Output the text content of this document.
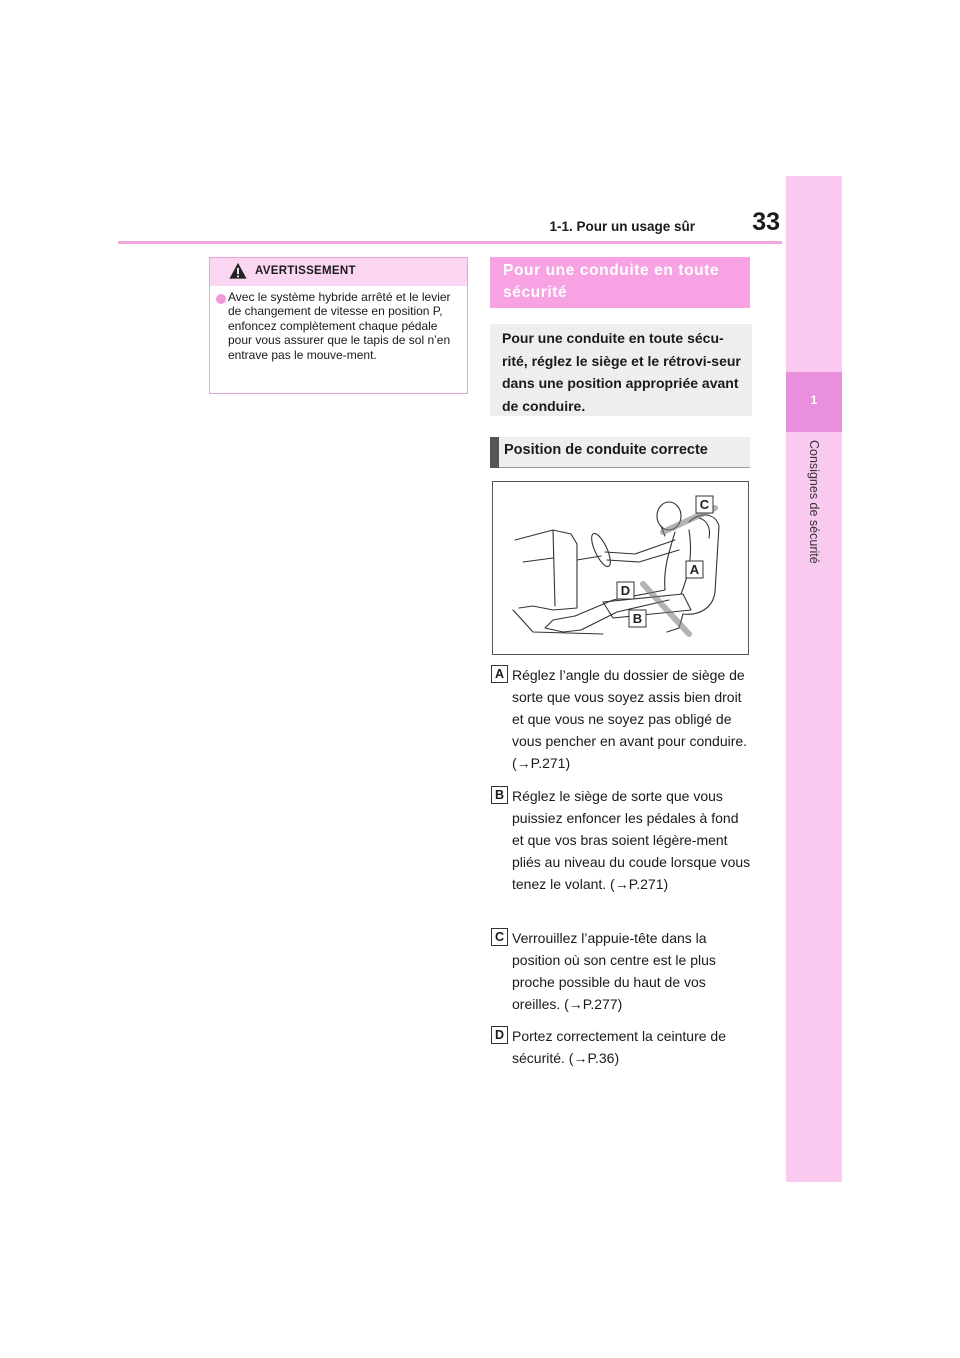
1-1. Pour un usage sûr	33
1
Consignes de sécurité
AVERTISSEMENT
Avec le système hybride arrêté et le levier de changement de vitesse en position P, enfoncez complètement chaque pédale pour vous assurer que le tapis de sol n’en entrave pas le mouve-ment.
Pour une conduite en toute sécurité
Pour une conduite en toute sécu-rité, réglez le siège et le rétrovi-seur dans une position appropriée avant de conduire.
Position de conduite correcte
C
A
D
B
A Réglez l’angle du dossier de siège de sorte que vous soyez assis bien droit et que vous ne soyez pas obligé de vous pencher en avant pour conduire. (→P.271)
B Réglez le siège de sorte que vous puissiez enfoncer les pédales à fond et que vos bras soient légère-ment pliés au niveau du coude lorsque vous tenez le volant. (→P.271)
C Verrouillez l’appuie-tête dans la position où son centre est le plus proche possible du haut de vos oreilles. (→P.277)
D Portez correctement la ceinture de sécurité. (→P.36)
